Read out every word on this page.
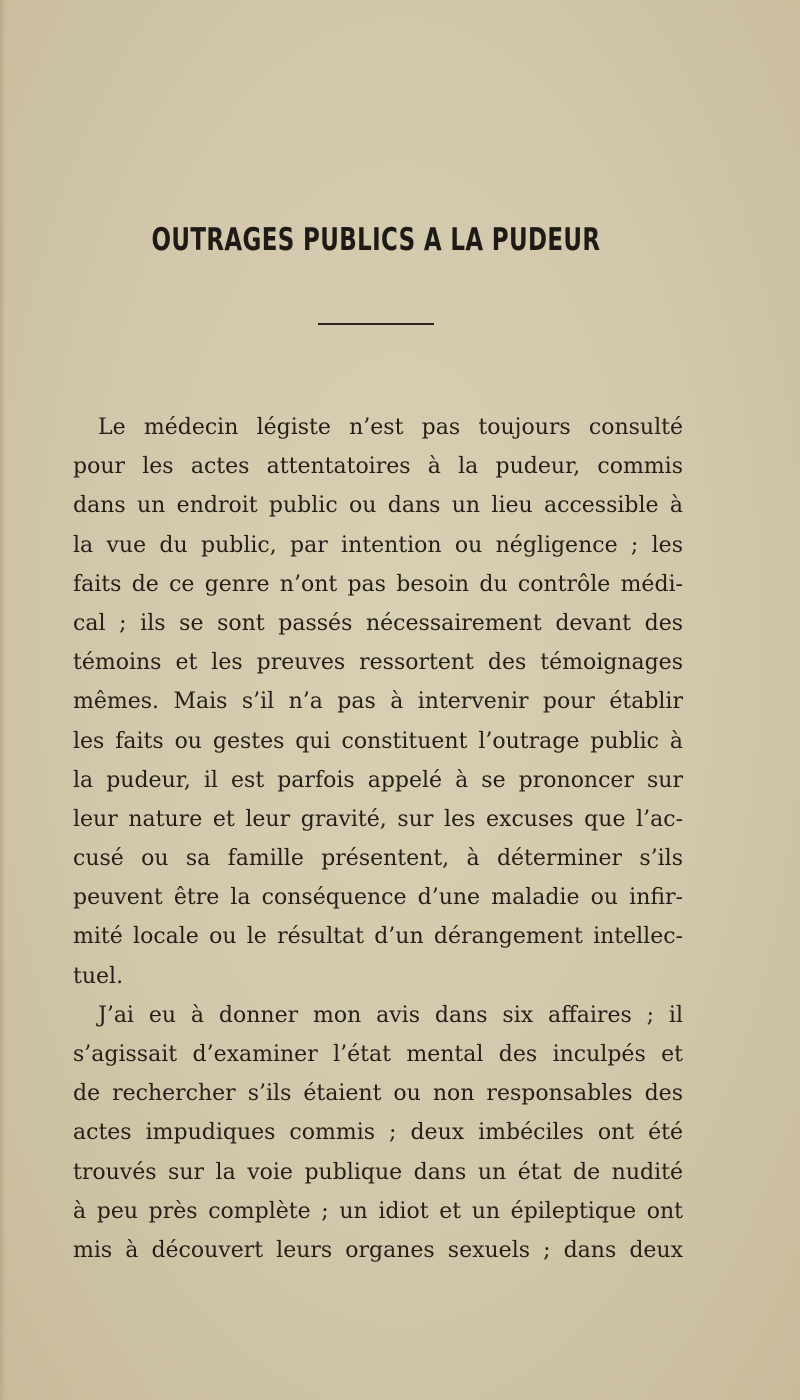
OUTRAGES PUBLICS A LA PUDEUR
Le médecin légiste n’est pas toujours consulté
pour les actes attentatoires à la pudeur, commis
dans un endroit public ou dans un lieu accessible à
la vue du public, par intention ou négligence ; les
faits de ce genre n’ont pas besoin du contrôle médi-
cal ; ils se sont passés nécessairement devant des
témoins et les preuves ressortent des témoignages
mêmes. Mais s’il n’a pas à intervenir pour établir
les faits ou gestes qui constituent l’outrage public à
la pudeur, il est parfois appelé à se prononcer sur
leur nature et leur gravité, sur les excuses que l’ac-
cusé ou sa famille présentent, à déterminer s’ils
peuvent être la conséquence d’une maladie ou infir-
mité locale ou le résultat d’un dérangement intellec-
tuel.
J’ai eu à donner mon avis dans six affaires ; il
s’agissait d’examiner l’état mental des inculpés et
de rechercher s’ils étaient ou non responsables des
actes impudiques commis ; deux imbéciles ont été
trouvés sur la voie publique dans un état de nudité
à peu près complète ; un idiot et un épileptique ont
mis à découvert leurs organes sexuels ; dans deux
